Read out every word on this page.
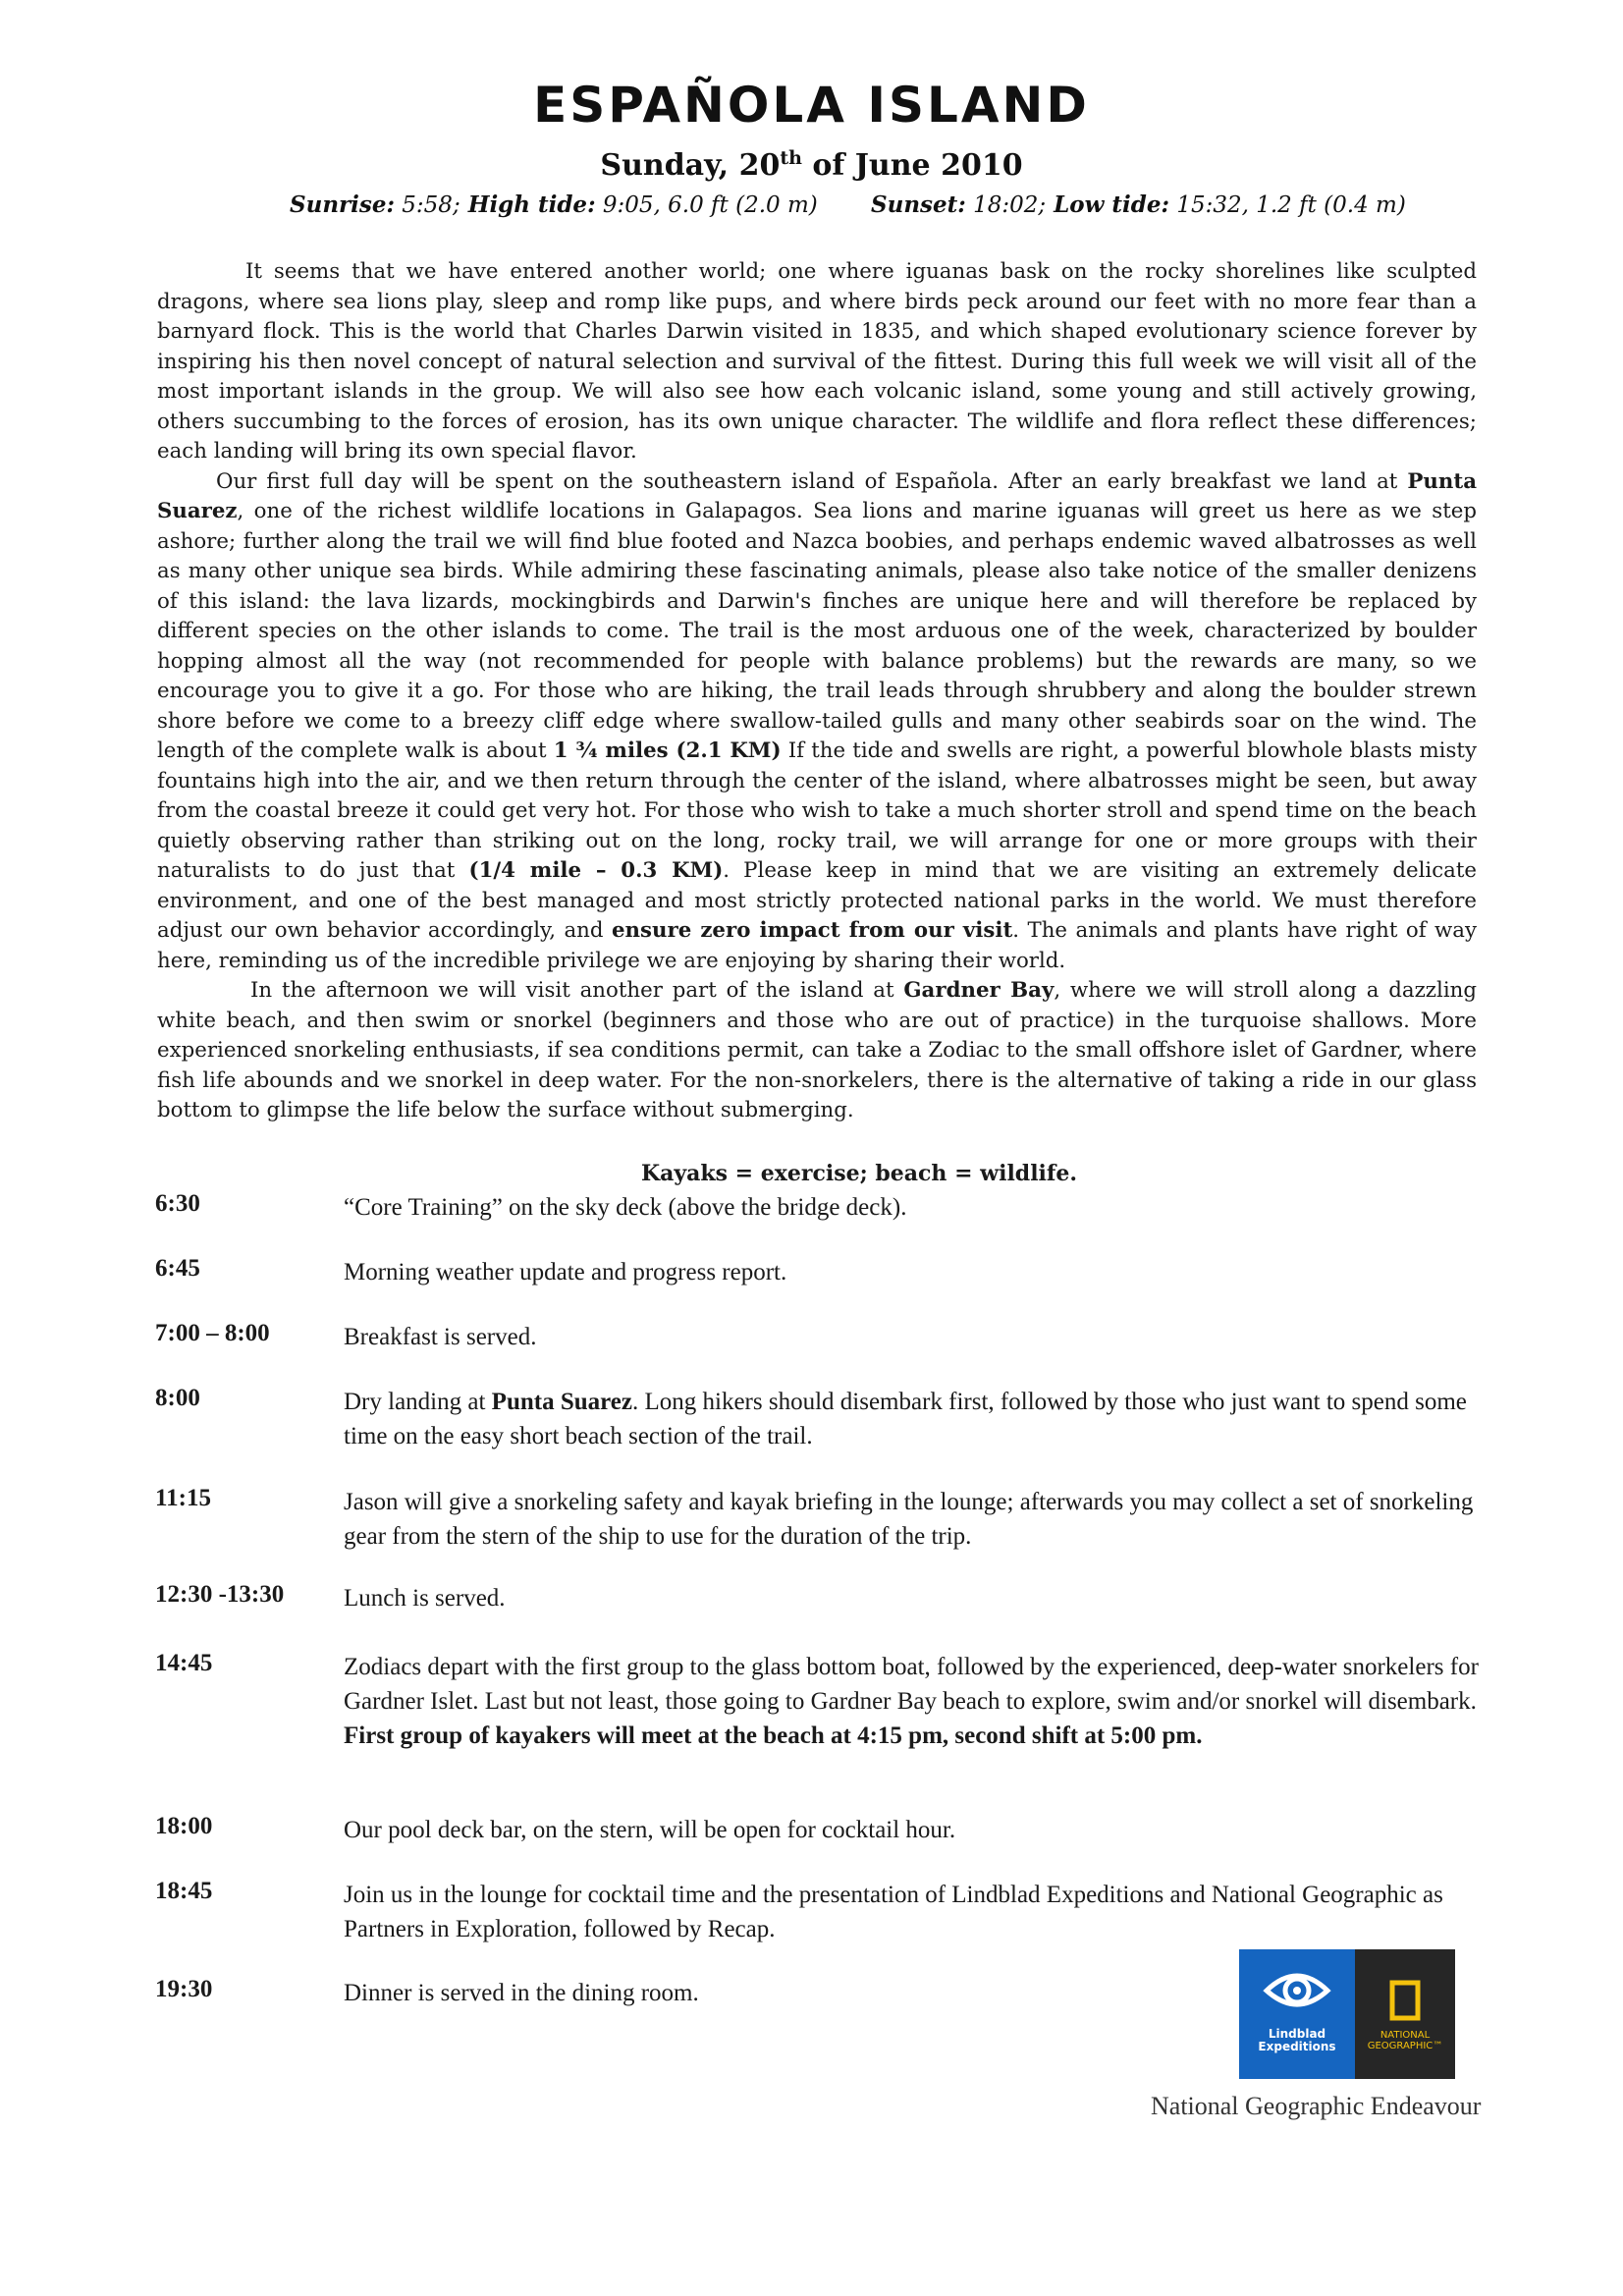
ESPAÑOLA ISLAND
Sunday, 20th of June 2010
Sunrise: 5:58; High tide: 9:05, 6.0 ft (2.0 m) Sunset: 18:02; Low tide: 15:32, 1.2 ft (0.4 m)

It seems that we have entered another world; one where iguanas bask on the rocky shorelines like sculpted dragons, where sea lions play, sleep and romp like pups, and where birds peck around our feet with no more fear than a barnyard flock. This is the world that Charles Darwin visited in 1835, and which shaped evolutionary science forever by inspiring his then novel concept of natural selection and survival of the fittest. During this full week we will visit all of the most important islands in the group. We will also see how each volcanic island, some young and still actively growing, others succumbing to the forces of erosion, has its own unique character. The wildlife and flora reflect these differences; each landing will bring its own special flavor.

Our first full day will be spent on the southeastern island of Española. After an early breakfast we land at Punta Suarez, one of the richest wildlife locations in Galapagos. Sea lions and marine iguanas will greet us here as we step ashore; further along the trail we will find blue footed and Nazca boobies, and perhaps endemic waved albatrosses as well as many other unique sea birds. While admiring these fascinating animals, please also take notice of the smaller denizens of this island: the lava lizards, mockingbirds and Darwin's finches are unique here and will therefore be replaced by different species on the other islands to come. The trail is the most arduous one of the week, characterized by boulder hopping almost all the way (not recommended for people with balance problems) but the rewards are many, so we encourage you to give it a go. For those who are hiking, the trail leads through shrubbery and along the boulder strewn shore before we come to a breezy cliff edge where swallow-tailed gulls and many other seabirds soar on the wind. The length of the complete walk is about 1 ¾ miles (2.1 KM) If the tide and swells are right, a powerful blowhole blasts misty fountains high into the air, and we then return through the center of the island, where albatrosses might be seen, but away from the coastal breeze it could get very hot. For those who wish to take a much shorter stroll and spend time on the beach quietly observing rather than striking out on the long, rocky trail, we will arrange for one or more groups with their naturalists to do just that (1/4 mile – 0.3 KM). Please keep in mind that we are visiting an extremely delicate environment, and one of the best managed and most strictly protected national parks in the world. We must therefore adjust our own behavior accordingly, and ensure zero impact from our visit. The animals and plants have right of way here, reminding us of the incredible privilege we are enjoying by sharing their world.

In the afternoon we will visit another part of the island at Gardner Bay, where we will stroll along a dazzling white beach, and then swim or snorkel (beginners and those who are out of practice) in the turquoise shallows. More experienced snorkeling enthusiasts, if sea conditions permit, can take a Zodiac to the small offshore islet of Gardner, where fish life abounds and we snorkel in deep water. For the non-snorkelers, there is the alternative of taking a ride in our glass bottom to glimpse the life below the surface without submerging.

Kayaks = exercise; beach = wildlife.
6:30	“Core Training” on the sky deck (above the bridge deck).
6:45	Morning weather update and progress report.
7:00 – 8:00	Breakfast is served.
8:00	Dry landing at Punta Suarez. Long hikers should disembark first, followed by those who just want to spend some time on the easy short beach section of the trail.
11:15	Jason will give a snorkeling safety and kayak briefing in the lounge; afterwards you may collect a set of snorkeling gear from the stern of the ship to use for the duration of the trip.
12:30 -13:30 Lunch is served.
14:45	Zodiacs depart with the first group to the glass bottom boat, followed by the experienced, deep-water snorkelers for Gardner Islet. Last but not least, those going to Gardner Bay beach to explore, swim and/or snorkel will disembark. First group of kayakers will meet at the beach at 4:15 pm, second shift at 5:00 pm.
18:00	Our pool deck bar, on the stern, will be open for cocktail hour.
18:45	Join us in the lounge for cocktail time and the presentation of Lindblad Expeditions and National Geographic as Partners in Exploration, followed by Recap.
19:30	Dinner is served in the dining room.
Lindblad
Expeditions
NATIONAL
GEOGRAPHIC™
National Geographic Endeavour
